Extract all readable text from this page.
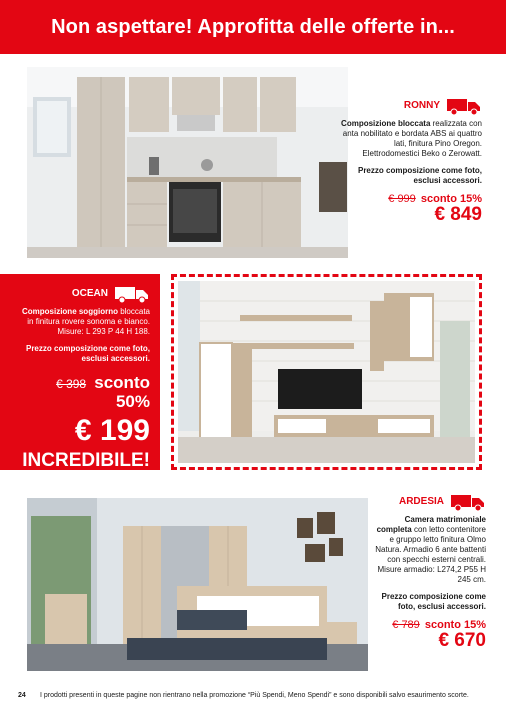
Non aspettare! Approfitta delle offerte in...
RONNY
Composizione bloccata realizzata con anta nobilitato e bordata ABS ai quattro lati, finitura Pino Oregon. Elettrodomestici Beko o Zerowatt.
Prezzo composizione come foto, esclusi accessori.
€ 999 sconto 15%
€ 849
OCEAN
Composizione soggiorno bloccata in finitura rovere sonoma e bianco. Misure: L 293 P 44 H 188.
Prezzo composizione come foto, esclusi accessori.
€ 398 sconto 50%
€ 199
INCREDIBILE!
ARDESIA
Camera matrimoniale completa con letto contenitore e gruppo letto finitura Olmo Natura. Armadio 6 ante battenti con specchi esterni centrali. Misure armadio: L274,2 P55 H 245 cm.
Prezzo composizione come foto, esclusi accessori.
€ 789 sconto 15%
€ 670
24 I prodotti presenti in queste pagine non rientrano nella promozione “Più Spendi, Meno Spendi” e sono disponibili salvo esaurimento scorte.
